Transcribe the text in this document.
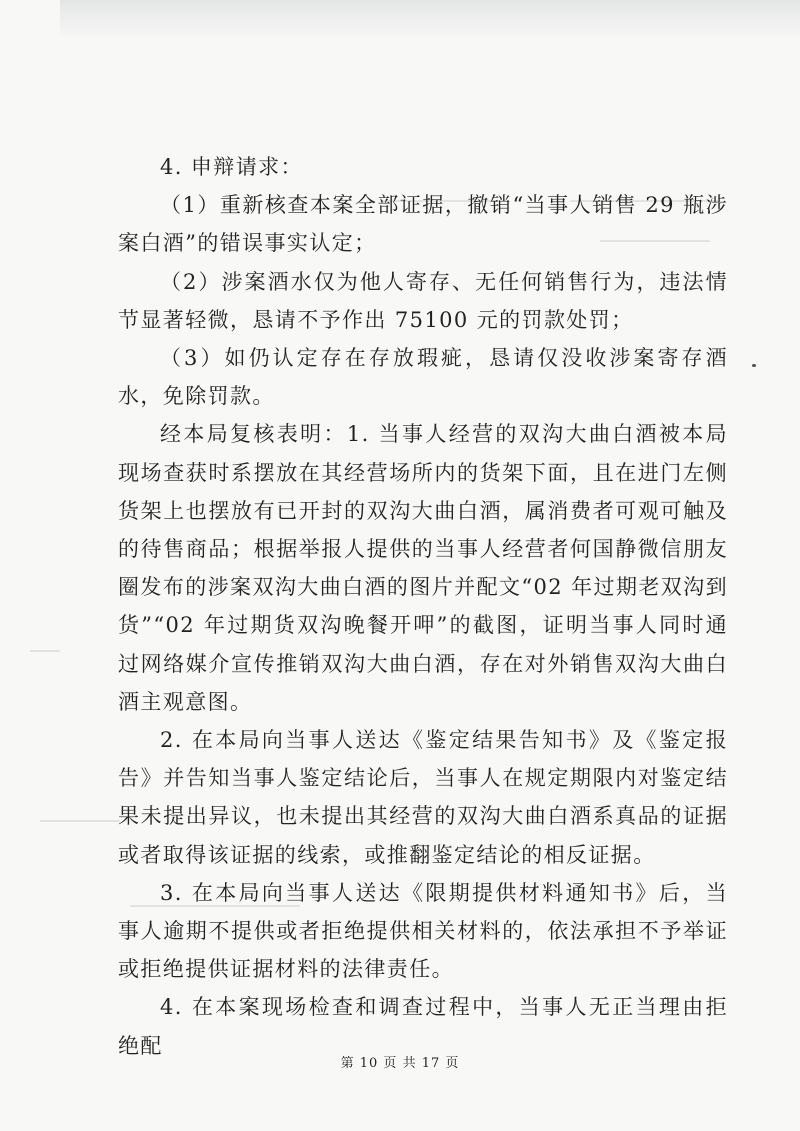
4. 申辩请求：

（1）重新核查本案全部证据，撤销“当事人销售 29 瓶涉案白酒”的错误事实认定；

（2）涉案酒水仅为他人寄存、无任何销售行为，违法情节显著轻微，恳请不予作出 75100 元的罚款处罚；

（3）如仍认定存在存放瑕疵，恳请仅没收涉案寄存酒水，免除罚款。

经本局复核表明：1. 当事人经营的双沟大曲白酒被本局现场查获时系摆放在其经营场所内的货架下面，且在进门左侧货架上也摆放有已开封的双沟大曲白酒，属消费者可观可触及的待售商品；根据举报人提供的当事人经营者何国静微信朋友圈发布的涉案双沟大曲白酒的图片并配文“02 年过期老双沟到货”“02 年过期货双沟晚餐开呷”的截图，证明当事人同时通过网络媒介宣传推销双沟大曲白酒，存在对外销售双沟大曲白酒主观意图。

2. 在本局向当事人送达《鉴定结果告知书》及《鉴定报告》并告知当事人鉴定结论后，当事人在规定期限内对鉴定结果未提出异议，也未提出其经营的双沟大曲白酒系真品的证据或者取得该证据的线索，或推翻鉴定结论的相反证据。

3. 在本局向当事人送达《限期提供材料通知书》后，当事人逾期不提供或者拒绝提供相关材料的，依法承担不予举证或拒绝提供证据材料的法律责任。

4. 在本案现场检查和调查过程中，当事人无正当理由拒绝配

第 10 页 共 17 页
